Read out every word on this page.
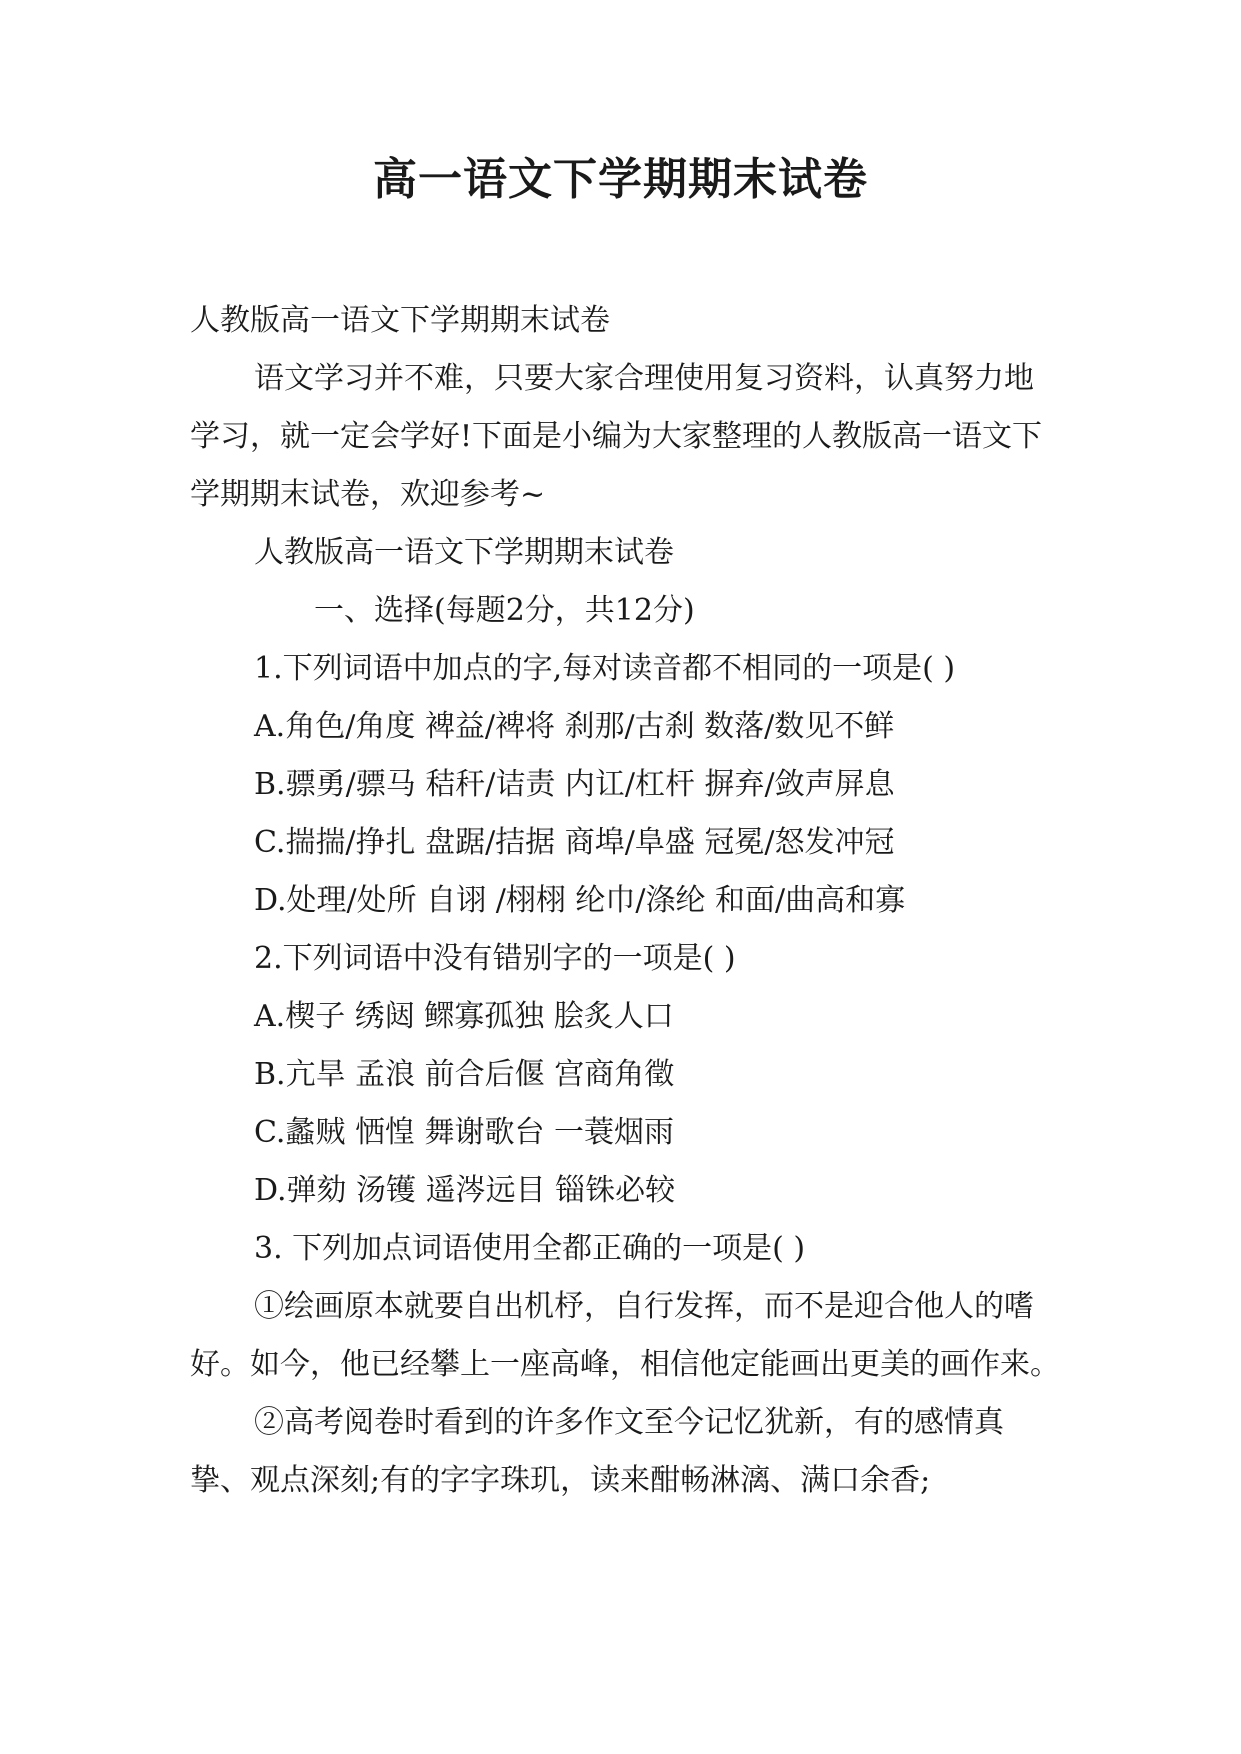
高一语文下学期期末试卷

人教版高一语文下学期期末试卷

语文学习并不难，只要大家合理使用复习资料，认真努力地学习，就一定会学好!下面是小编为大家整理的人教版高一语文下学期期末试卷，欢迎参考~

人教版高一语文下学期期末试卷一、选择(每题2分，共12分)

1.下列词语中加点的字,每对读音都不相同的一项是( )

A.角色/角度 裨益/裨将 刹那/古刹 数落/数见不鲜

B.骠勇/骠马 秸秆/诘责 内讧/杠杆 摒弃/敛声屏息

C.揣揣/挣扎 盘踞/拮据 商埠/阜盛 冠冕/怒发冲冠

D.处理/处所 自诩 /栩栩 纶巾/涤纶 和面/曲高和寡

2.下列词语中没有错别字的一项是( )

A.楔子 绣闼 鳏寡孤独 脍炙人口

B.亢旱 孟浪 前合后偃 宫商角徵

C.蠡贼 恓惶 舞谢歌台 一蓑烟雨

D.弹劾 汤镬 遥涔远目 锱铢必较

3. 下列加点词语使用全都正确的一项是( )

①绘画原本就要自出机杼，自行发挥，而不是迎合他人的嗜好。如今，他已经攀上一座高峰，相信他定能画出更美的画作来。

②高考阅卷时看到的许多作文至今记忆犹新，有的感情真挚、观点深刻;有的字字珠玑，读来酣畅淋漓、满口余香;
